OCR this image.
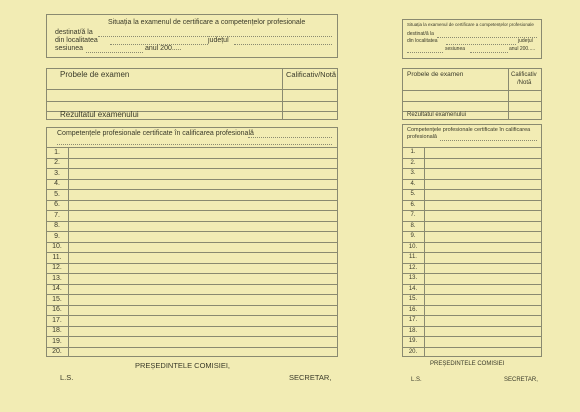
Situația la examenul de certificare a competențelor profesionale
destinat/ă la
din localitatea	județul
sesiunea	anul 200.....
Probele de examen	Calificativ/Notă
Rezultatul examenului
Competențele profesionale certificate în calificarea profesională
1.
2.
3.
4.
5.
6.
7.
8.
9.
10.
11.
12.
13.
14.
15.
16.
17.
18.
19.
20.
PREȘEDINTELE COMISIEI,
L.S.	SECRETAR,
Situația la examenul de certificare a competențelor profesionale
destinat/ă la
din localitatea	județul
sesiunea	anul 200.....
Probele de examen	Calificativ
/Notă
Rezultatul examenului
Competențele profesionale certificate în calificarea
profesională
1.
2.
3.
4.
5.
6.
7.
8.
9.
10.
11.
12.
13.
14.
15.
16.
17.
18.
19.
20.
PREȘEDINTELE COMISIEI
L.S.	SECRETAR,
